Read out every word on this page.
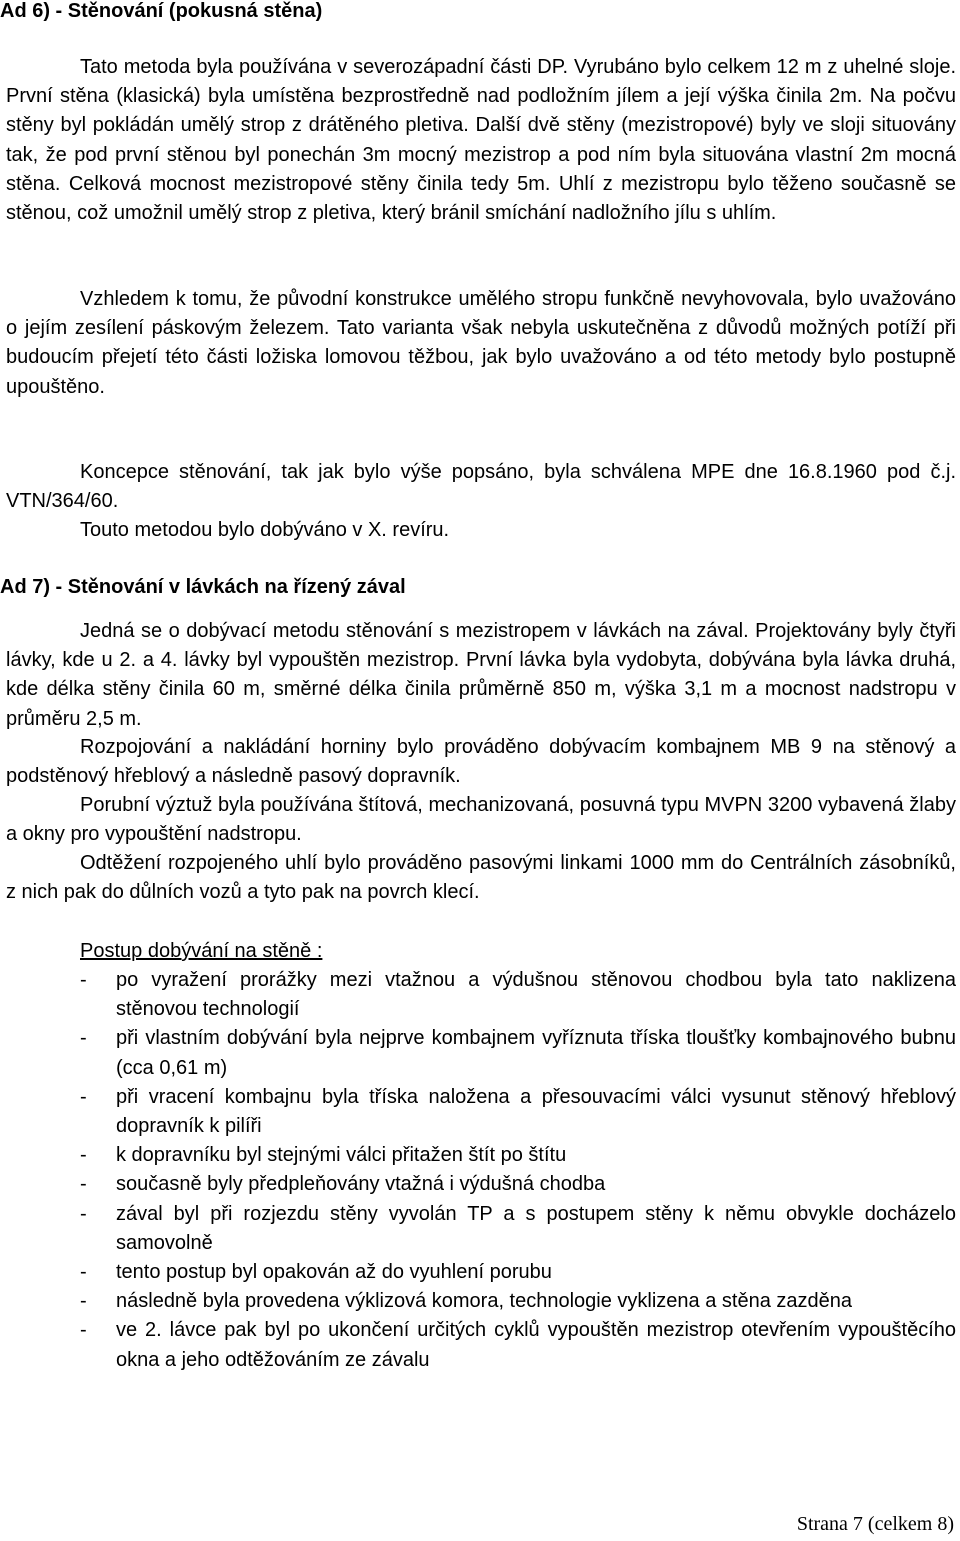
Ad 6) - Stěnování (pokusná stěna)

Tato metoda byla používána v severozápadní části DP. Vyrubáno bylo celkem 12 m z uhelné sloje. První stěna (klasická) byla umístěna bezprostředně nad podložním jílem a její výška činila 2m. Na počvu stěny byl pokládán umělý strop z drátěného pletiva. Další dvě stěny (mezistropové) byly ve sloji situovány tak, že pod první stěnou byl ponechán 3m mocný mezistrop a pod ním byla situována vlastní 2m mocná stěna. Celková mocnost mezistropové stěny činila tedy 5m. Uhlí z mezistropu bylo těženo současně se stěnou, což umožnil umělý strop z pletiva, který bránil smíchání nadložního jílu s uhlím.

Vzhledem k tomu, že původní konstrukce umělého stropu funkčně nevyhovovala, bylo uvažováno o jejím zesílení páskovým železem. Tato varianta však nebyla uskutečněna z důvodů možných potíží při budoucím přejetí této části ložiska lomovou těžbou, jak bylo uvažováno a od této metody bylo postupně upouštěno.

Koncepce stěnování, tak jak bylo výše popsáno, byla schválena MPE dne 16.8.1960 pod č.j. VTN/364/60.

Touto metodou bylo dobýváno v X. revíru.
Ad 7) - Stěnování v lávkách na řízený zával

Jedná se o dobývací metodu stěnování s mezistropem v lávkách na zával. Projektovány byly čtyři lávky, kde u 2. a 4. lávky byl vypouštěn mezistrop. První lávka byla vydobyta, dobývána byla lávka druhá, kde délka stěny činila 60 m, směrné délka činila průměrně 850 m, výška 3,1 m a mocnost nadstropu v průměru 2,5 m.

Rozpojování a nakládání horniny bylo prováděno dobývacím kombajnem MB 9 na stěnový a podstěnový hřeblový a následně pasový dopravník.

Porubní výztuž byla používána štítová, mechanizovaná, posuvná typu MVPN 3200 vybavená žlaby a okny pro vypouštění nadstropu.

Odtěžení rozpojeného uhlí bylo prováděno pasovými linkami 1000 mm do Centrálních zásobníků, z nich pak do důlních vozů a tyto pak na povrch klecí.

Postup dobývání na stěně :
- po vyražení prorážky mezi vtažnou a výdušnou stěnovou chodbou byla tato naklizena stěnovou technologií
- při vlastním dobývání byla nejprve kombajnem vyříznuta tříska tloušťky kombajnového bubnu (cca 0,61 m)
- při vracení kombajnu byla tříska naložena a přesouvacími válci vysunut stěnový hřeblový dopravník k pilíři
- k dopravníku byl stejnými válci přitažen štít po štítu
- současně byly předpleňovány vtažná i výdušná chodba
- zával byl při rozjezdu stěny vyvolán TP a s postupem stěny k němu obvykle docházelo samovolně
- tento postup byl opakován až do vyuhlení porubu
- následně byla provedena výklizová komora, technologie vyklizena a stěna zazděna
- ve 2. lávce pak byl po ukončení určitých cyklů vypouštěn mezistrop otevřením vypouštěcího okna a jeho odtěžováním ze závalu
Strana 7 (celkem 8)
